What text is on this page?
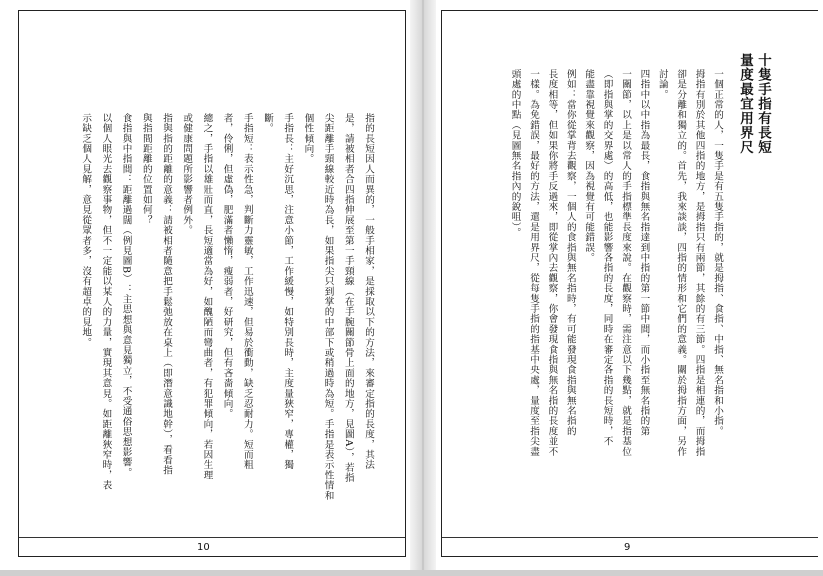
指的長短因人而異的，一般手相家，是採取以下的方法，來審定指的長度，其法
是，請被相者合四指伸展至第一手頸線（在手腕關節骨上面的地方，見圖A），若指
尖距離手頸線較近時為長，如果指尖只到掌的中部下或稍過時為短。手指是表示性情和
個性傾向。
手指長：主好沉思，注意小節，工作緩慢，如特別長時，主度量狹窄，專權，獨
斷。
手指短：表示性急，判斷力靈敏，工作迅速，但易於衝動，缺乏忍耐力。短而粗
者，伶俐，但虛偽，肥滿者懶惰，瘦弱者，好研究，但有吝嗇傾向。
總之，手指以雄壯而直，長短適當為好，如醜陋而彎曲者，有犯罪傾向，若因生理
或健康問題所影響者例外。
指與指的距離的意義：請被相者隨意把手鬆弛放在桌上（即潛意識地幹），看看指
與指間距離的位置如何？
食指與中指間：距離過闊（例見圖B）：主思想與意見獨立，不受通俗思想影響。
以個人眼光去觀察事物，但不一定能以某人的力量，實現其意見。如距離狹窄時，表
示缺乏個人見解，意見從眾者多，沒有超卓的見地。
10
十隻手指有長短
量度最宜用界尺
一個正常的人，一隻手是有五隻手指的，就是拇指、食指、中指、無名指和小指。
拇指有別於其他四指的地方，是拇指只有兩節，其餘的有三節。四指是相連的，而拇指
卻是分離和獨立的。首先，我來談談，四指的情形和它們的意義。關於拇指方面，另作
討論。
四指中以中指為最長，食指與無名指達到中指的第一節中間，而小指至無名指的第
一關節，以上是以常人的手指標準長度來說。在觀察時，需注意以下幾點，就是指基位
（即指與掌的交界處）的高低，也能影響各指的長度，同時在審定各指的長短時，不
能盡靠視覺來觀察，因為視覺有可能錯誤。
例如：當你從掌背去觀察，一個人的食指與無名指時，有可能發現食指與無名指的
長度相等，但如果你將手反過來，即從掌內去觀察，你會發現食指與無名指的長度並不
一樣。為免錯誤，最好的方法，還是用界尺，從每隻手指的指基中央處，量度至指尖盡
頭處的中點（見圖無名指內的銳咀）。
9
